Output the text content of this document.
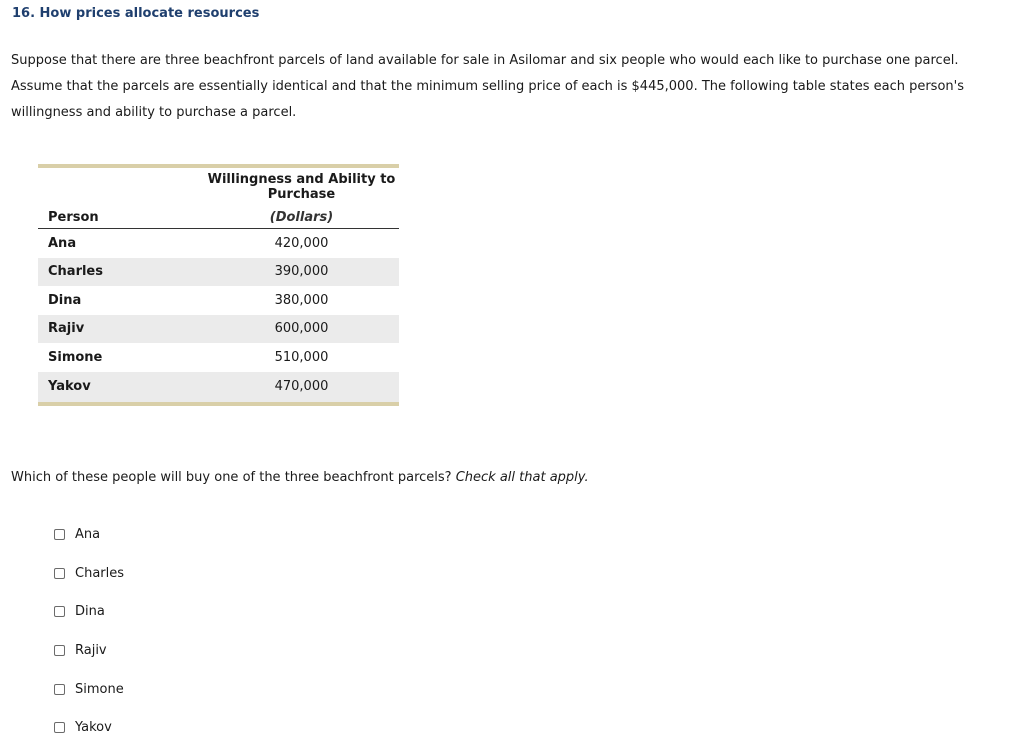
16. How prices allocate resources

Suppose that there are three beachfront parcels of land available for sale in Asilomar and six people who would each like to purchase one parcel. Assume that the parcels are essentially identical and that the minimum selling price of each is $445,000. The following table states each person's willingness and ability to purchase a parcel.

	Willingness and Ability to Purchase
Person	(Dollars)
Ana	420,000
Charles	390,000
Dina	380,000
Rajiv	600,000
Simone	510,000
Yakov	470,000

Which of these people will buy one of the three beachfront parcels? Check all that apply.

Ana
Charles
Dina
Rajiv
Simone
Yakov
